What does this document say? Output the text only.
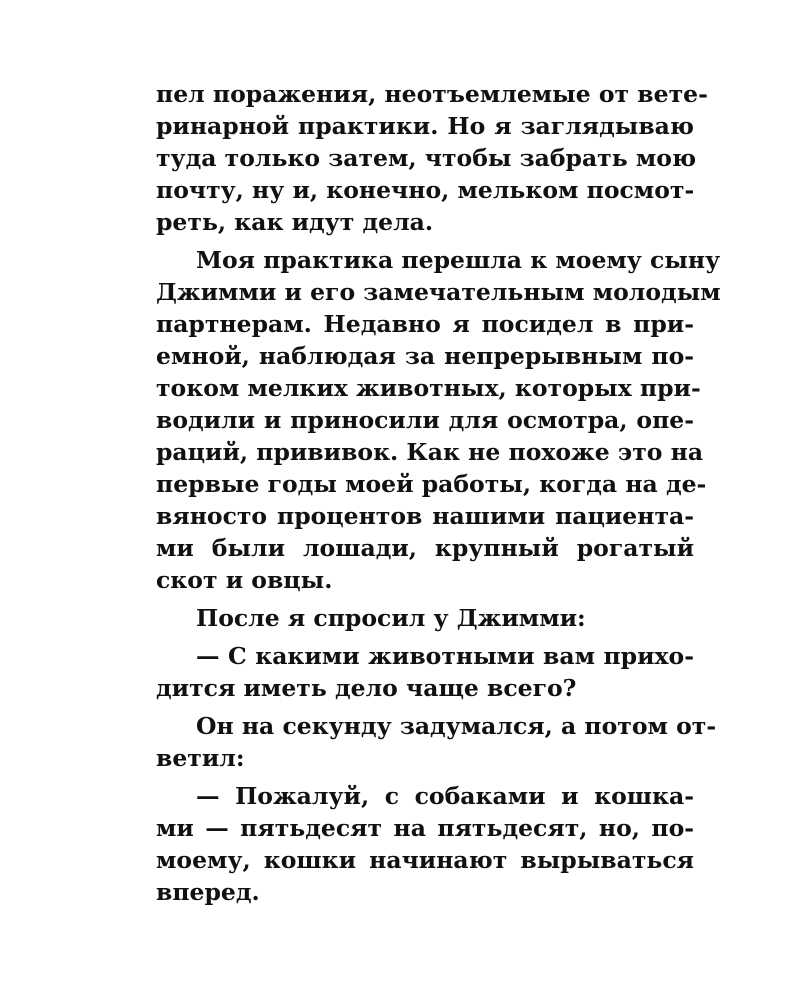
пел поражения, неотъемлемые от вете-
ринарной практики. Но я заглядываю
туда только затем, чтобы забрать мою
почту, ну и, конечно, мельком посмот-
реть, как идут дела.
Моя практика перешла к моему сыну
Джимми и его замечательным молодым
партнерам. Недавно я посидел в при-
емной, наблюдая за непрерывным по-
током мелких животных, которых при-
водили и приносили для осмотра, опе-
раций, прививок. Как не похоже это на
первые годы моей работы, когда на де-
вяносто процентов нашими пациента-
ми были лошади, крупный рогатый
скот и овцы.
После я спросил у Джимми:
— С какими животными вам прихо-
дится иметь дело чаще всего?
Он на секунду задумался, а потом от-
ветил:
— Пожалуй, с собаками и кошка-
ми — пятьдесят на пятьдесят, но, по-
моему, кошки начинают вырываться
вперед.
